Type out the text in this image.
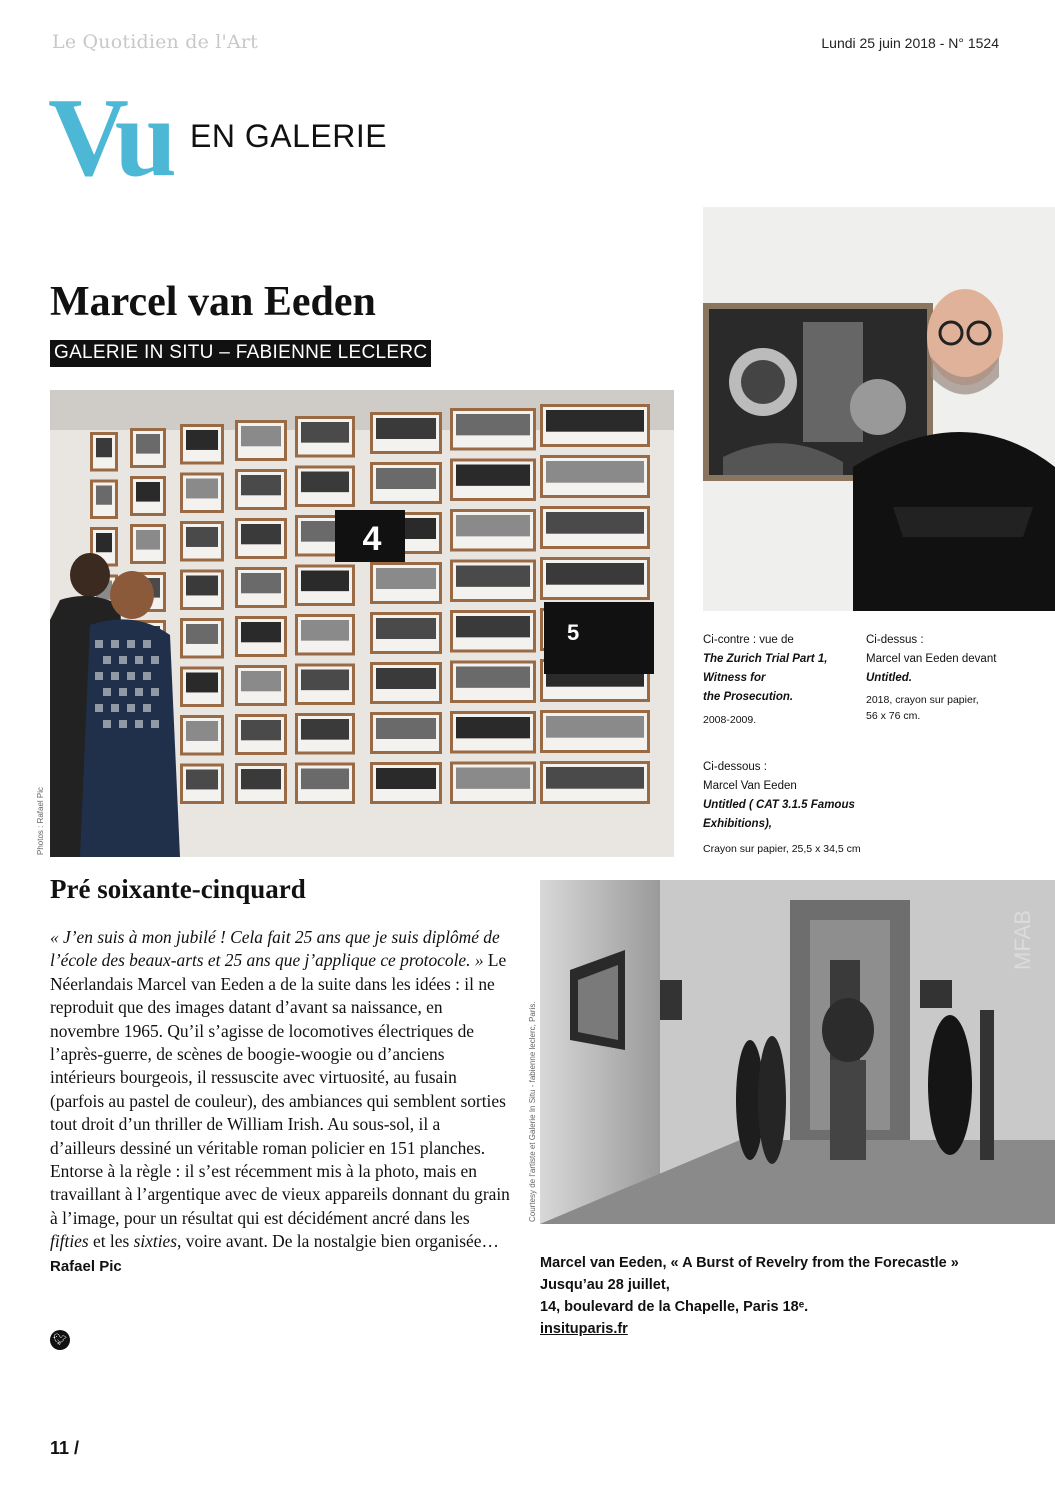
Le Quotidien de l'Art	Lundi 25 juin 2018 - N° 1524
Vu EN GALERIE
Marcel van Eeden
GALERIE IN SITU – FABIENNE LECLERC
4
5
Photos : Rafael Pic
Ci-contre : vue de
The Zurich Trial Part 1,
Witness for
the Prosecution.
2008-2009.
Ci-dessus :
Marcel van Eeden devant
Untitled.
2018, crayon sur papier,
56 x 76 cm.
Ci-dessous :
Marcel Van Eeden
Untitled ( CAT 3.1.5 Famous
Exhibitions),
Crayon sur papier, 25,5 x 34,5 cm
Pré soixante-cinquard
« J’en suis à mon jubilé ! Cela fait 25 ans que je suis diplômé de l’école des beaux-arts et 25 ans que j’applique ce protocole. » Le Néerlandais Marcel van Eeden a de la suite dans les idées : il ne reproduit que des images datant d’avant sa naissance, en novembre 1965. Qu’il s’agisse de locomotives électriques de l’après-guerre, de scènes de boogie-woogie ou d’anciens intérieurs bourgeois, il ressuscite avec virtuosité, au fusain (parfois au pastel de couleur), des ambiances qui semblent sorties tout droit d’un thriller de William Irish. Au sous-sol, il a d’ailleurs dessiné un véritable roman policier en 151 planches. Entorse à la règle : il s’est récemment mis à la photo, mais en travaillant à l’argentique avec de vieux appareils donnant du grain à l’image, pour un résultat qui est décidément ancré dans les fifties et les sixties, voire avant. De la nostalgie bien organisée… Rafael Pic
🐦︎
MFAB
Courtesy de l’artiste et Galerie In Situ - fabienne leclerc, Paris.
Marcel van Eeden, « A Burst of Revelry from the Forecastle »
Jusqu’au 28 juillet,
14, boulevard de la Chapelle, Paris 18ᵉ.
insituparis.fr
11 /
